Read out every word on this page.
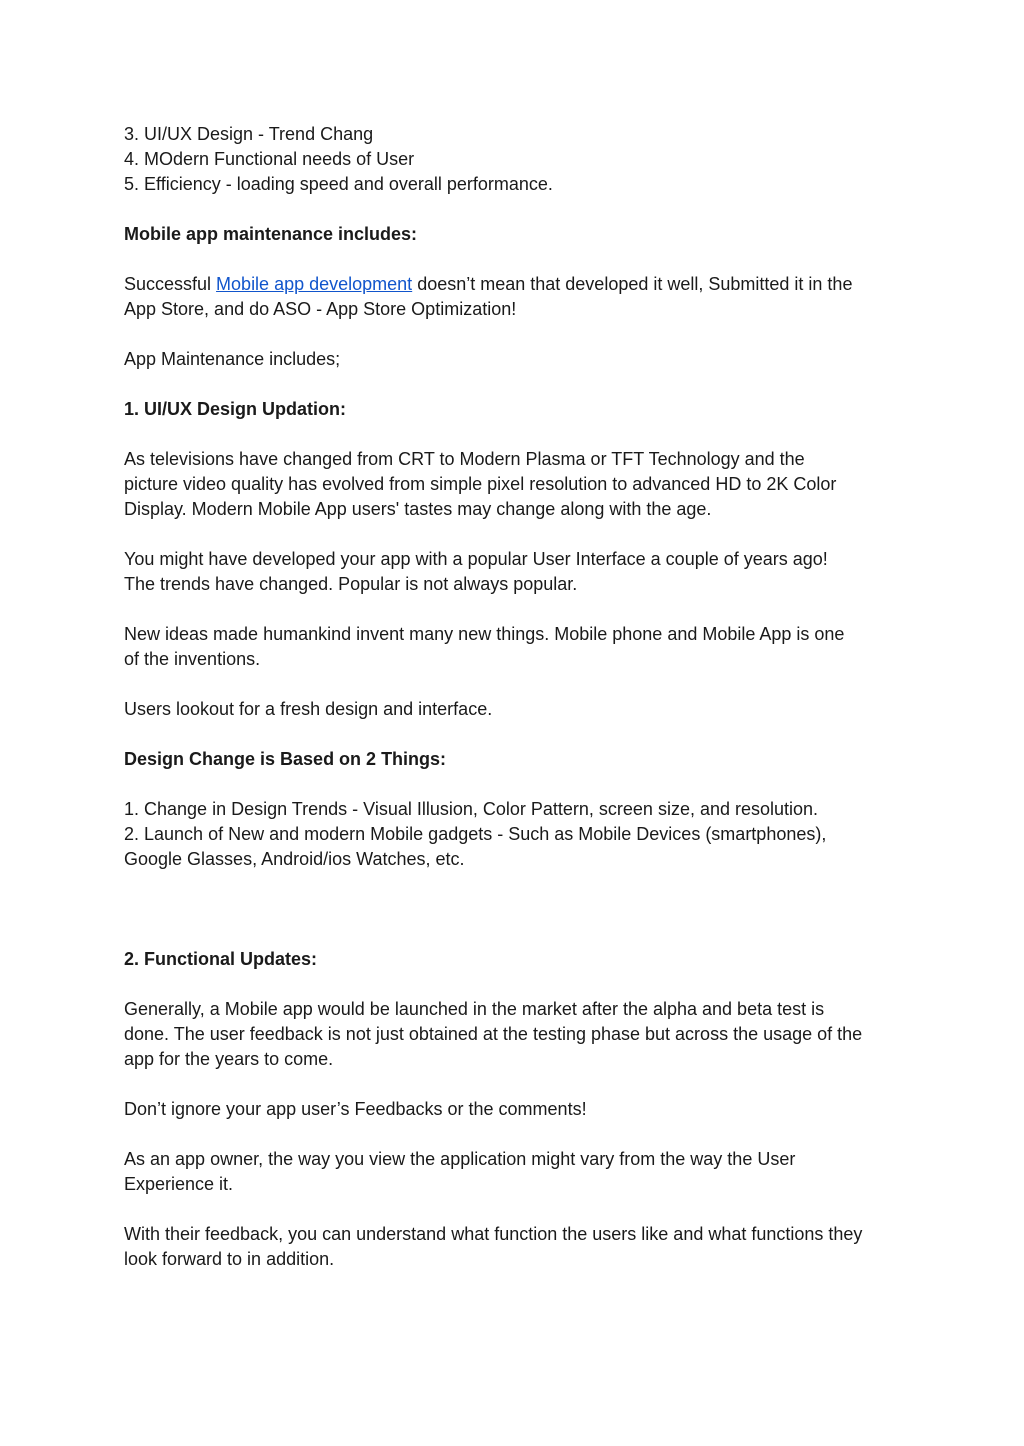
3. UI/UX Design - Trend Chang

4. MOdern Functional needs of User

5. Efficiency - loading speed and overall performance.

Mobile app maintenance includes:

Successful Mobile app development doesn’t mean that developed it well, Submitted it in the

App Store, and do ASO - App Store Optimization!

App Maintenance includes;

1. UI/UX Design Updation:

As televisions have changed from CRT to Modern Plasma or TFT Technology and the

picture video quality has evolved from simple pixel resolution to advanced HD to 2K Color

Display. Modern Mobile App users' tastes may change along with the age.

You might have developed your app with a popular User Interface a couple of years ago!

The trends have changed. Popular is not always popular.

New ideas made humankind invent many new things. Mobile phone and Mobile App is one

of the inventions.

Users lookout for a fresh design and interface.

Design Change is Based on 2 Things:

1. Change in Design Trends - Visual Illusion, Color Pattern, screen size, and resolution.

2. Launch of New and modern Mobile gadgets - Such as Mobile Devices (smartphones),

Google Glasses, Android/ios Watches, etc.

2. Functional Updates:

Generally, a Mobile app would be launched in the market after the alpha and beta test is

done. The user feedback is not just obtained at the testing phase but across the usage of the

app for the years to come.

Don’t ignore your app user’s Feedbacks or the comments!

As an app owner, the way you view the application might vary from the way the User

Experience it.

With their feedback, you can understand what function the users like and what functions they

look forward to in addition.
